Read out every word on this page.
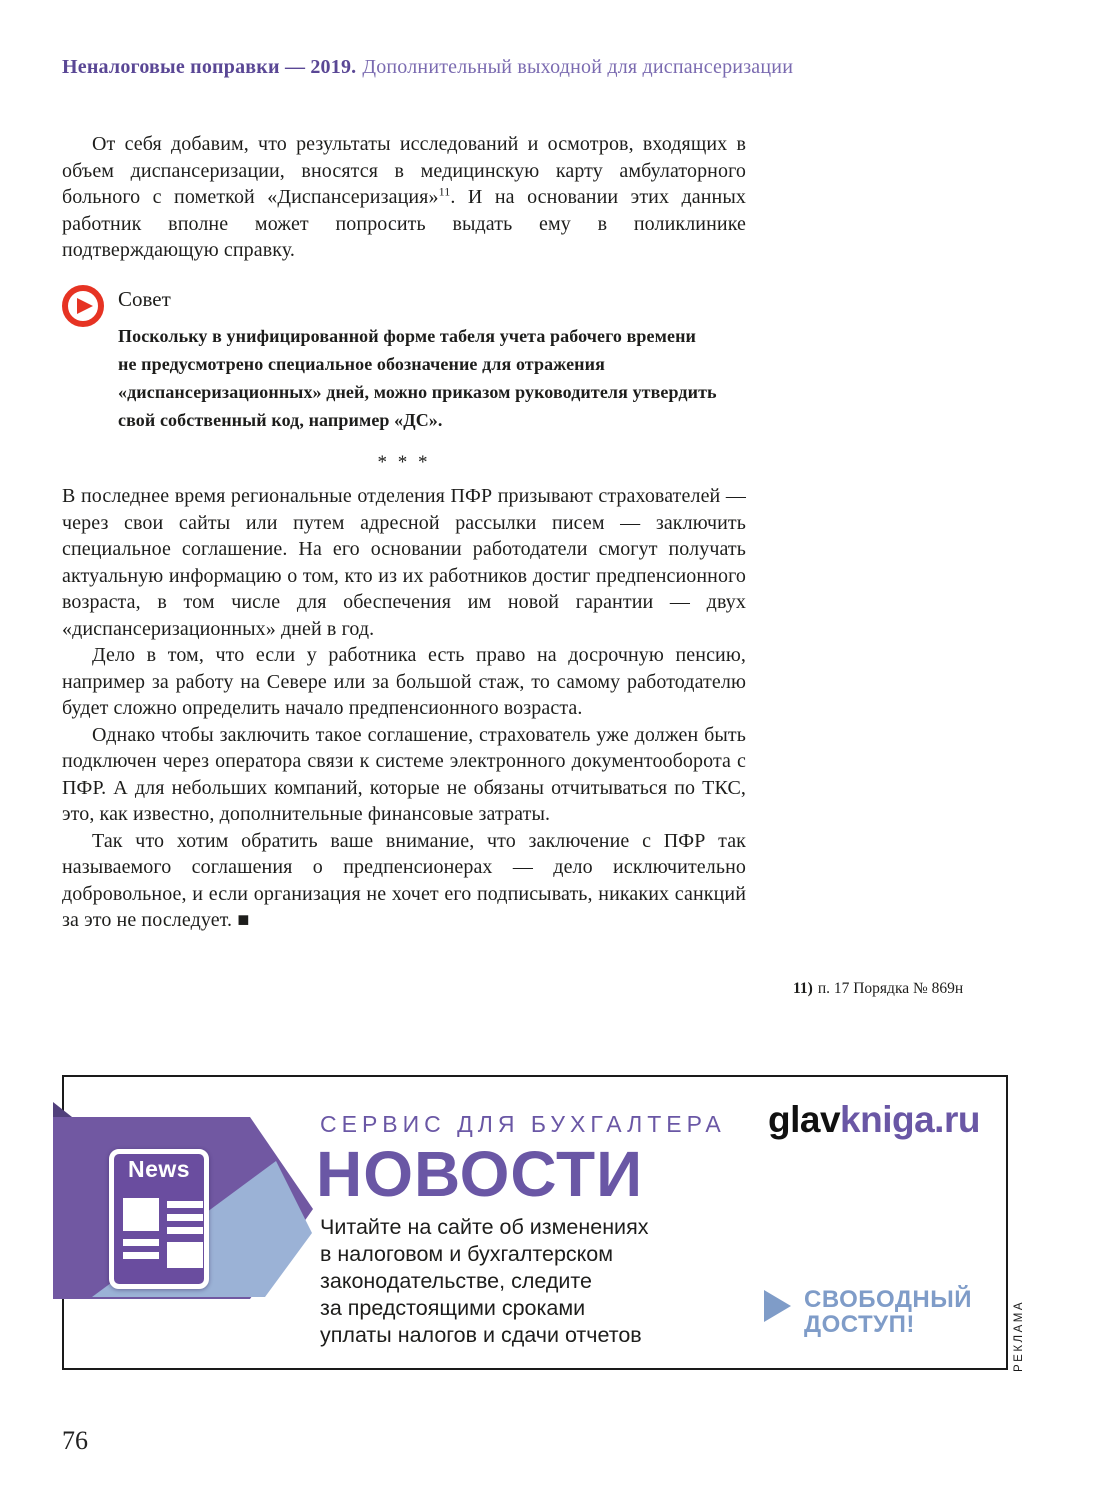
Неналоговые поправки — 2019. Дополнительный выходной для диспансеризации

От себя добавим, что результаты исследований и осмотров, входящих в объем диспансеризации, вносятся в медицинскую карту амбулаторного больного с пометкой «Диспансеризация»$^{11}$. И на основании этих данных работник вполне может попросить выдать ему в поликлинике подтверждающую справку.

Совет
Поскольку в унифицированной форме табеля учета рабочего времени не предусмотрено специальное обозначение для отражения «диспансеризационных» дней, можно приказом руководителя утвердить свой собственный код, например «ДС».
* * *

В последнее время региональные отделения ПФР призывают страхователей — через свои сайты или путем адресной рассылки писем — заключить специальное соглашение. На его основании работодатели смогут получать актуальную информацию о том, кто из их работников достиг предпенсионного возраста, в том числе для обеспечения им новой гарантии — двух «диспансеризационных» дней в год.

Дело в том, что если у работника есть право на досрочную пенсию, например за работу на Севере или за большой стаж, то самому работодателю будет сложно определить начало предпенсионного возраста.

Однако чтобы заключить такое соглашение, страхователь уже должен быть подключен через оператора связи к системе электронного документооборота с ПФР. А для небольших компаний, которые не обязаны отчитываться по ТКС, это, как известно, дополнительные финансовые затраты.

Так что хотим обратить ваше внимание, что заключение с ПФР так называемого соглашения о предпенсионерах — дело исключительно добровольное, и если организация не хочет его подписывать, никаких санкций за это не последует. ■

11) п. 17 Порядка № 869н
News
СЕРВИС ДЛЯ БУХГАЛТЕРА
НОВОСТИ
Читайте на сайте об изменениях
в налоговом и бухгалтерском
законодательстве, следите
за предстоящими сроками
уплаты налогов и сдачи отчетов
glavkniga.ru
СВОБОДНЫЙ
ДОСТУП!	РЕКЛАМА
76
